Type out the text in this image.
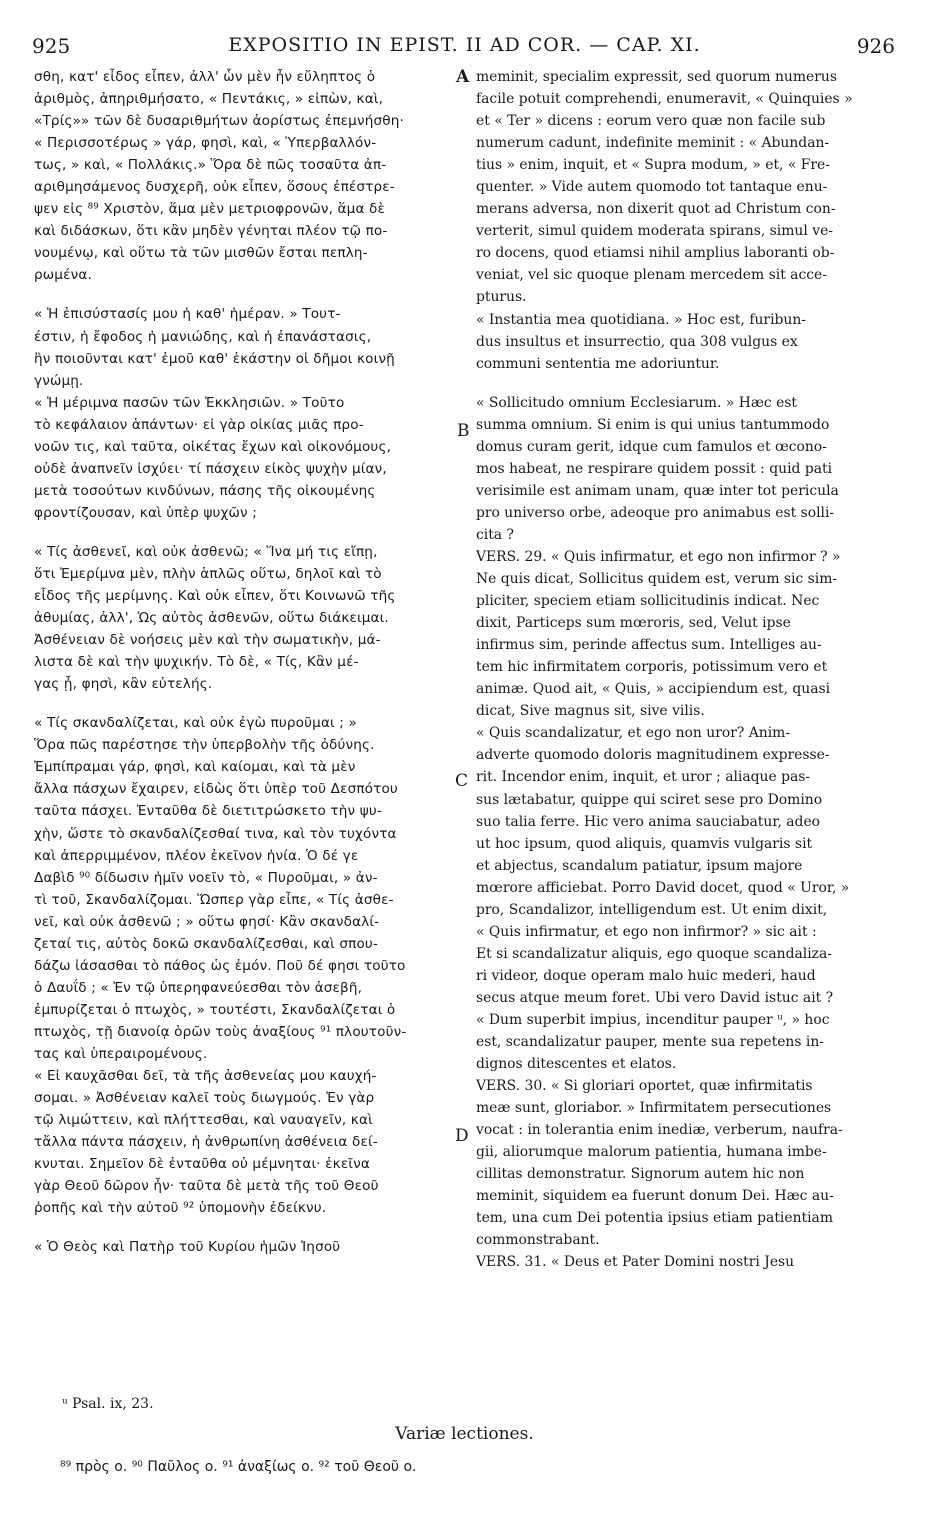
925	EXPOSITIO IN EPIST. II AD COR. — CAP. XI.	926
σθη, κατ' εἶδος εἶπεν, ἀλλ' ὧν μὲν ἦν εὔληπτος ὁ
ἀριθμὸς, ἀπηριθμήσατο, « Πεντάκις, » εἰπὼν, καὶ,
«Τρίς»» τῶν δὲ δυσαριθμήτων ἀορίστως ἐπεμνήσθη·
« Περισσοτέρως » γάρ, φησὶ, καὶ, « Ὑπερβαλλόν-
τως, » καὶ, « Πολλάκις.» Ὅρα δὲ πῶς τοσαῦτα ἀπ-
αριθμησάμενος δυσχερῆ, οὐκ εἶπεν, ὅσους ἐπέστρε-
ψεν εἰς ⁸⁹ Χριστὸν, ἅμα μὲν μετριοφρονῶν, ἅμα δὲ
καὶ διδάσκων, ὅτι κἂν μηδὲν γένηται πλέον τῷ πο-
νουμένῳ, καὶ οὕτω τὰ τῶν μισθῶν ἔσται πεπλη-
ρωμένα.
« Ἡ ἐπισύστασίς μου ἡ καθ' ἡμέραν. » Τουτ-
έστιν, ἡ ἔφοδος ἡ μανιώδης, καὶ ἡ ἐπανάστασις,
ἣν ποιοῦνται κατ' ἐμοῦ καθ' ἑκάστην οἱ δῆμοι κοινῇ
γνώμῃ.
« Ἡ μέριμνα πασῶν τῶν Ἐκκλησιῶν. » Τοῦτο
τὸ κεφάλαιον ἁπάντων· εἰ γὰρ οἰκίας μιᾶς προ-
νοῶν τις, καὶ ταῦτα, οἰκέτας ἔχων καὶ οἰκονόμους,
οὐδὲ ἀναπνεῖν ἰσχύει· τί πάσχειν εἰκὸς ψυχὴν μίαν,
μετὰ τοσούτων κινδύνων, πάσης τῆς οἰκουμένης
φροντίζουσαν, καὶ ὑπὲρ ψυχῶν ;
« Τίς ἀσθενεῖ, καὶ οὐκ ἀσθενῶ; « Ἵνα μή τις εἴπῃ,
ὅτι Ἐμερίμνα μὲν, πλὴν ἁπλῶς οὕτω, δηλοῖ καὶ τὸ
εἶδος τῆς μερίμνης. Καὶ οὐκ εἶπεν, ὅτι Κοινωνῶ τῆς
ἀθυμίας, ἀλλ', Ὡς αὐτὸς ἀσθενῶν, οὕτω διάκειμαι.
Ἀσθένειαν δὲ νοήσεις μὲν καὶ τὴν σωματικὴν, μά-
λιστα δὲ καὶ τὴν ψυχικήν. Τὸ δὲ, « Τίς, Κἂν μέ-
γας ᾖ, φησὶ, κἂν εὐτελής.
« Τίς σκανδαλίζεται, καὶ οὐκ ἐγὼ πυροῦμαι ; »
Ὅρα πῶς παρέστησε τὴν ὑπερβολὴν τῆς ὀδύνης.
Ἐμπίπραμαι γάρ, φησὶ, καὶ καίομαι, καὶ τὰ μὲν
ἄλλα πάσχων ἔχαιρεν, εἰδὼς ὅτι ὑπὲρ τοῦ Δεσπότου
ταῦτα πάσχει. Ἐνταῦθα δὲ διετιτρώσκετο τὴν ψυ-
χὴν, ὥστε τὸ σκανδαλίζεσθαί τινα, καὶ τὸν τυχόντα
καὶ ἀπερριμμένον, πλέον ἐκεῖνον ἠνία. Ὁ δέ γε
Δαβὶδ ⁹⁰ δίδωσιν ἡμῖν νοεῖν τὸ, « Πυροῦμαι, » ἀν-
τὶ τοῦ, Σκανδαλίζομαι. Ὥσπερ γὰρ εἶπε, « Τίς ἀσθε-
νεῖ, καὶ οὐκ ἀσθενῶ ; » οὕτω φησί· Κἂν σκανδαλί-
ζεταί τις, αὐτὸς δοκῶ σκανδαλίζεσθαι, καὶ σπου-
δάζω ἰάσασθαι τὸ πάθος ὡς ἐμόν. Ποῦ δέ φησι τοῦτο
ὁ Δαυΐδ ; « Ἐν τῷ ὑπερηφανεύεσθαι τὸν ἀσεβῆ,
ἐμπυρίζεται ὁ πτωχὸς, » τουτέστι, Σκανδαλίζεται ὁ
πτωχὸς, τῇ διανοίᾳ ὁρῶν τοὺς ἀναξίους ⁹¹ πλουτοῦν-
τας καὶ ὑπεραιρομένους.
« Εἰ καυχᾶσθαι δεῖ, τὰ τῆς ἀσθενείας μου καυχή-
σομαι. » Ἀσθένειαν καλεῖ τοὺς διωγμούς. Ἐν γὰρ
τῷ λιμώττειν, καὶ πλήττεσθαι, καὶ ναυαγεῖν, καὶ
τἄλλα πάντα πάσχειν, ἡ ἀνθρωπίνη ἀσθένεια δεί-
κνυται. Σημεῖον δὲ ἐνταῦθα οὐ μέμνηται· ἐκεῖνα
γὰρ Θεοῦ δῶρον ἦν· ταῦτα δὲ μετὰ τῆς τοῦ Θεοῦ
ῥοπῆς καὶ τὴν αὐτοῦ ⁹² ὑπομονὴν ἐδείκνυ.
« Ὁ Θεὸς καὶ Πατὴρ τοῦ Κυρίου ἡμῶν Ἰησοῦ
meminit, specialim expressit, sed quorum numerus
facile potuit comprehendi, enumeravit, « Quinquies »
et « Ter » dicens : eorum vero quæ non facile sub
numerum cadunt, indefinite meminit : « Abundan-
tius » enim, inquit, et « Supra modum, » et, « Fre-
quenter. » Vide autem quomodo tot tantaque enu-
merans adversa, non dixerit quot ad Christum con-
verterit, simul quidem moderata spirans, simul ve-
ro docens, quod etiamsi nihil amplius laboranti ob-
veniat, vel sic quoque plenam mercedem sit acce-
pturus.
« Instantia mea quotidiana. » Hoc est, furibun-
dus insultus et insurrectio, qua 308 vulgus ex
communi sententia me adoriuntur.
« Sollicitudo omnium Ecclesiarum. » Hæc est
summa omnium. Si enim is qui unius tantummodo
domus curam gerit, idque cum famulos et œcono-
mos habeat, ne respirare quidem possit : quid pati
verisimile est animam unam, quæ inter tot pericula
pro universo orbe, adeoque pro animabus est solli-
cita ?
VERS. 29. « Quis infirmatur, et ego non infirmor ? »
Ne quis dicat, Sollicitus quidem est, verum sic sim-
pliciter, speciem etiam sollicitudinis indicat. Nec
dixit, Particeps sum mœroris, sed, Velut ipse
infirmus sim, perinde affectus sum. Intelliges au-
tem hic infirmitatem corporis, potissimum vero et
animæ. Quod ait, « Quis, » accipiendum est, quasi
dicat, Sive magnus sit, sive vilis.
« Quis scandalizatur, et ego non uror? Anim-
adverte quomodo doloris magnitudinem expresse-
rit. Incendor enim, inquit, et uror ; aliaque pas-
sus lætabatur, quippe qui sciret sese pro Domino
suo talia ferre. Hic vero anima sauciabatur, adeo
ut hoc ipsum, quod aliquis, quamvis vulgaris sit
et abjectus, scandalum patiatur, ipsum majore
mœrore afficiebat. Porro David docet, quod « Uror, »
pro, Scandalizor, intelligendum est. Ut enim dixit,
« Quis infirmatur, et ego non infirmor? » sic ait :
Et si scandalizatur aliquis, ego quoque scandaliza-
ri videor, doque operam malo huic mederi, haud
secus atque meum foret. Ubi vero David istuc ait ?
« Dum superbit impius, incenditur pauper ᵘ, » hoc
est, scandalizatur pauper, mente sua repetens in-
dignos ditescentes et elatos.
VERS. 30. « Si gloriari oportet, quæ infirmitatis
meæ sunt, gloriabor. » Infirmitatem persecutiones
vocat : in tolerantia enim inediæ, verberum, naufra-
gii, aliorumque malorum patientia, humana imbe-
cillitas demonstratur. Signorum autem hic non
meminit, siquidem ea fuerunt donum Dei. Hæc au-
tem, una cum Dei potentia ipsius etiam patientiam
commonstrabant.
VERS. 31. « Deus et Pater Domini nostri Jesu
A
B
C
D
ᵘ Psal. ix, 23.
Variæ lectiones.
⁸⁹ πρὸς ο. ⁹⁰ Παῦλος ο. ⁹¹ ἀναξίως ο. ⁹² τοῦ Θεοῦ ο.
